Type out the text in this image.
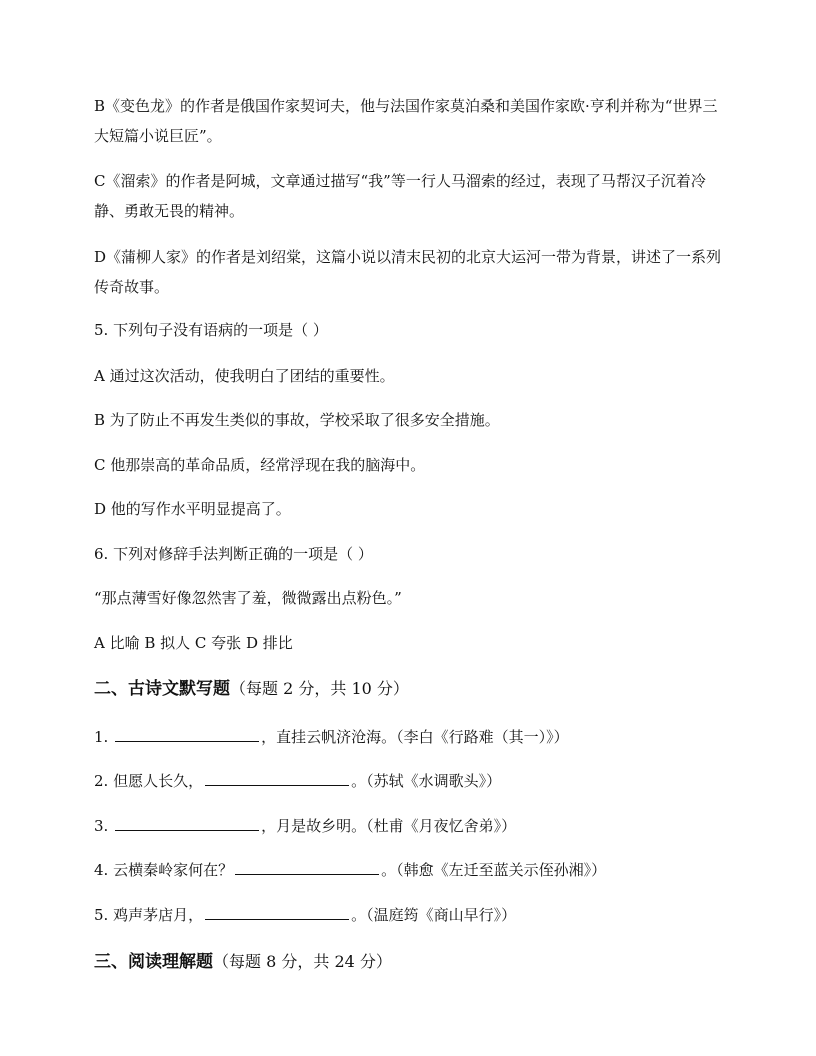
B《变色龙》的作者是俄国作家契诃夫，他与法国作家莫泊桑和美国作家欧·亨利并称为“世界三大短篇小说巨匠”。

C《溜索》的作者是阿城，文章通过描写“我”等一行人马溜索的经过，表现了马帮汉子沉着冷静、勇敢无畏的精神。

D《蒲柳人家》的作者是刘绍棠，这篇小说以清末民初的北京大运河一带为背景，讲述了一系列传奇故事。

5. 下列句子没有语病的一项是（ ）

A 通过这次活动，使我明白了团结的重要性。

B 为了防止不再发生类似的事故，学校采取了很多安全措施。

C 他那崇高的革命品质，经常浮现在我的脑海中。

D 他的写作水平明显提高了。

6. 下列对修辞手法判断正确的一项是（ ）

“那点薄雪好像忽然害了羞，微微露出点粉色。”

A 比喻 B 拟人 C 夸张 D 排比

二、古诗文默写题（每题 2 分，共 10 分）

1.	，直挂云帆济沧海。（李白《行路难（其一）》）

2. 但愿人长久，	。（苏轼《水调歌头》）

3.	，月是故乡明。（杜甫《月夜忆舍弟》）

4. 云横秦岭家何在？	。（韩愈《左迁至蓝关示侄孙湘》）

5. 鸡声茅店月，	。（温庭筠《商山早行》）

三、阅读理解题（每题 8 分，共 24 分）
